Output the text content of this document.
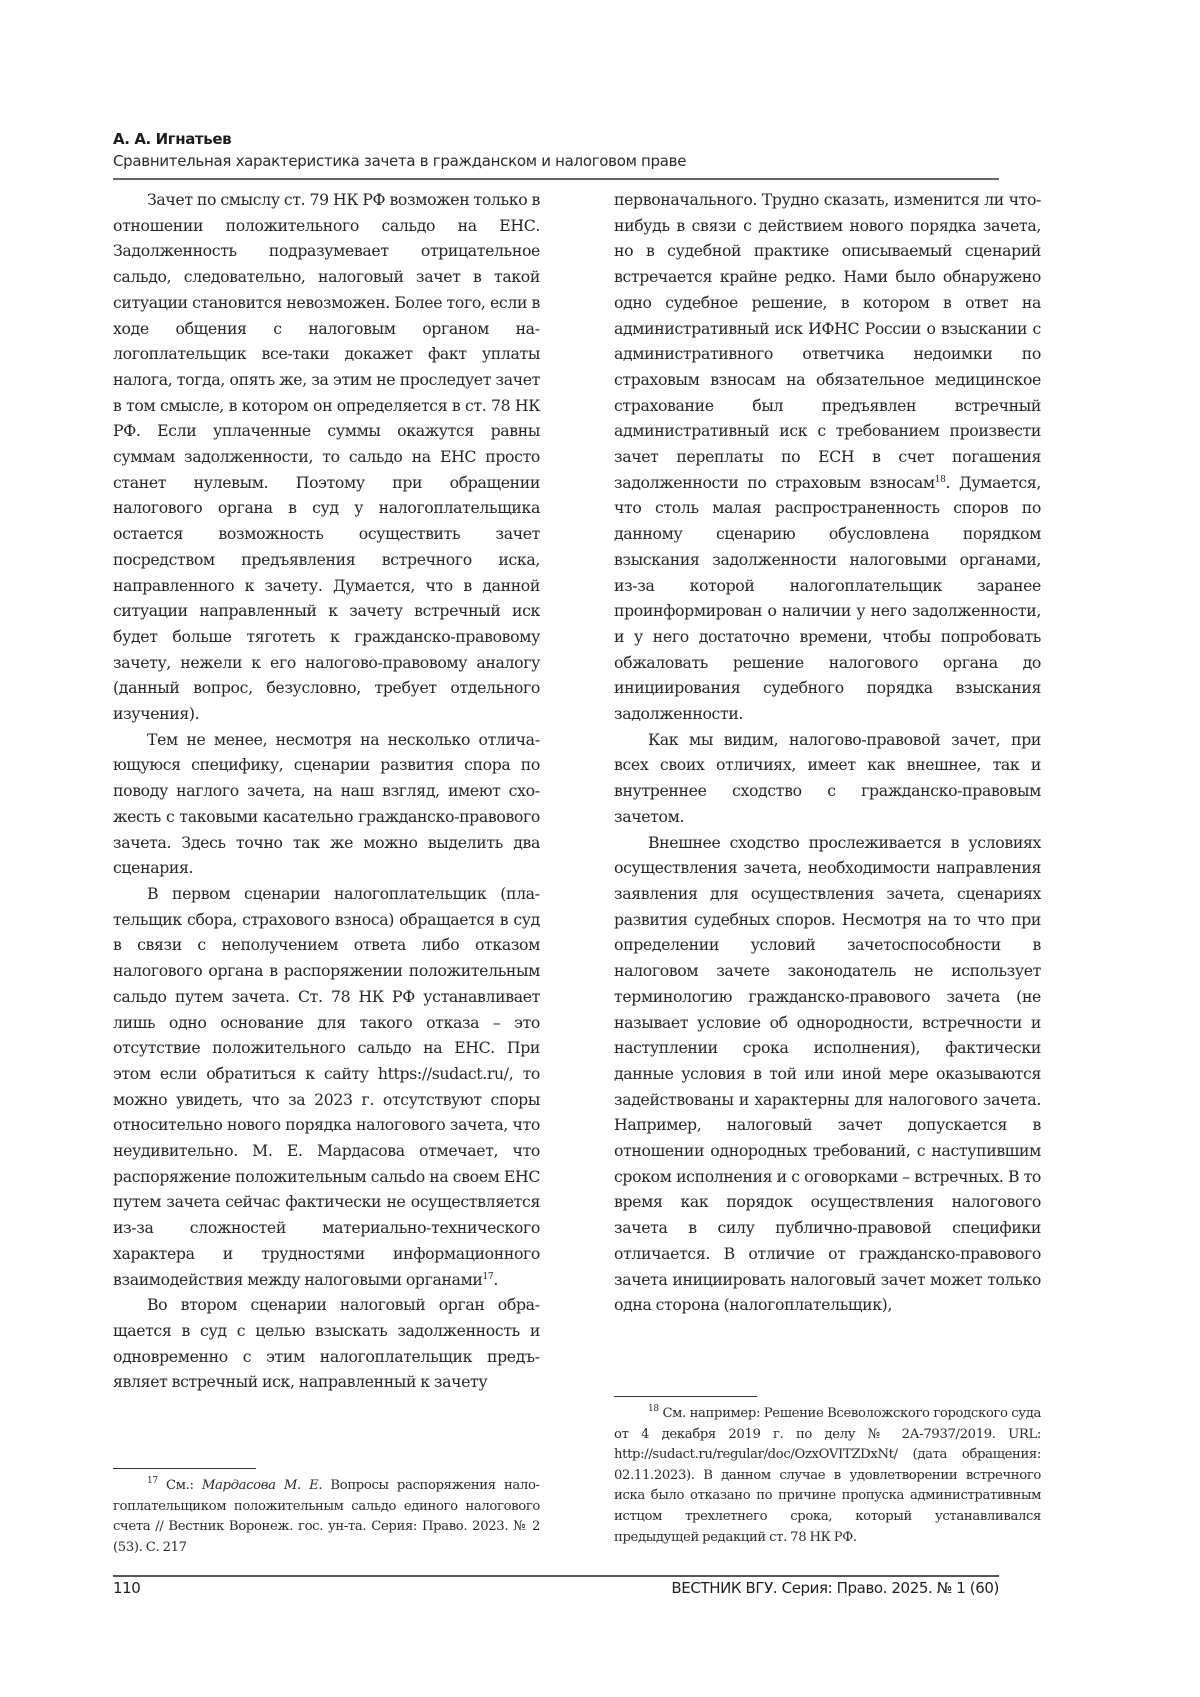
А. А. Игнатьев
Сравнительная характеристика зачета в гражданском и налоговом праве

Зачет по смыслу ст. 79 НК РФ возможен только в отношении положительного сальдо на ЕНС. Задолженность подразумевает отрицательное сальдо, следовательно, налоговый зачет в такой ситуации становится невозможен. Более того, если в ходе общения с налоговым органом налогоплательщик все-таки докажет факт уплаты налога, тогда, опять же, за этим не проследует зачет в том смысле, в котором он определяется в ст. 78 НК РФ. Если уплаченные суммы окажутся равны суммам задолженности, то сальдо на ЕНС просто станет нулевым. Поэтому при обращении налогового органа в суд у налогоплательщика остается возможность осуществить зачет посредством предъявления встречного иска, направленного к зачету. Думается, что в данной ситуации направленный к зачету встречный иск будет больше тяготеть к гражданско-правовому зачету, нежели к его налогово-правовому аналогу (данный вопрос, безусловно, требует отдельного изучения).

Тем не менее, несмотря на несколько отличающуюся специфику, сценарии развития спора по поводу наглого зачета, на наш взгляд, имеют схожесть с таковыми касательно гражданско-правового зачета. Здесь точно так же можно выделить два сценария.

В первом сценарии налогоплательщик (плательщик сбора, страхового взноса) обращается в суд в связи с неполучением ответа либо отказом налогового органа в распоряжении положительным сальдо путем зачета. Ст. 78 НК РФ устанавливает лишь одно основание для такого отказа – это отсутствие положительного сальдо на ЕНС. При этом если обратиться к сайту https://sudact.ru/, то можно увидеть, что за 2023 г. отсутствуют споры относительно нового порядка налогового зачета, что неудивительно. М. Е. Мардасова отмечает, что распоряжение положительным сальdo на своем ЕНС путем зачета сейчас фактически не осуществляется из-за сложностей материально-технического характера и трудностями информационного взаимодействия между налоговыми органами$^{17}$.

Во втором сценарии налоговый орган обращается в суд с целью взыскать задолженность и одновременно с этим налогоплательщик предъявляет встречный иск, направленный к зачету

первоначального. Трудно сказать, изменится ли что-нибудь в связи с действием нового порядка зачета, но в судебной практике описываемый сценарий встречается крайне редко. Нами было обнаружено одно судебное решение, в котором в ответ на административный иск ИФНС России о взыскании с административного ответчика недоимки по страховым взносам на обязательное медицинское страхование был предъявлен встречный административный иск с требованием произвести зачет переплаты по ЕСН в счет погашения задолженности по страховым взносам$^{18}$. Думается, что столь малая распространенность споров по данному сценарию обусловлена порядком взыскания задолженности налоговыми органами, из-за которой налогоплательщик заранее проинформирован о наличии у него задолженности, и у него достаточно времени, чтобы попробовать обжаловать решение налогового органа до инициирования судебного порядка взыскания задолженности.

Как мы видим, налогово-правовой зачет, при всех своих отличиях, имеет как внешнее, так и внутреннее сходство с гражданско-правовым зачетом.

Внешнее сходство прослеживается в условиях осуществления зачета, необходимости направления заявления для осуществления зачета, сценариях развития судебных споров. Несмотря на то что при определении условий зачетоспособности в налоговом зачете законодатель не использует терминологию гражданско-правового зачета (не называет условие об однородности, встречности и наступлении срока исполнения), фактически данные условия в той или иной мере оказываются задействованы и характерны для налогового зачета. Например, налоговый зачет допускается в отношении однородных требований, с наступившим сроком исполнения и с оговорками – встречных. В то время как порядок осуществления налогового зачета в силу публично-правовой специфики отличается. В отличие от гражданско-правового зачета инициировать налоговый зачет может только одна сторона (налогоплательщик),

$^{17}$ См.: Мардасова М. Е. Вопросы распоряжения налогоплательщиком положительным сальдо единого налогового счета // Вестник Воронеж. гос. ун-та. Серия: Право. 2023. № 2 (53). С. 217

$^{18}$ См. например: Решение Всеволожского городского суда от 4 декабря 2019 г. по делу № 2А-7937/2019. URL: http://sudact.ru/regular/doc/OzxOVITZDxNt/ (дата обращения: 02.11.2023). В данном случае в удовлетворении встречного иска было отказано по причине пропуска административным истцом трехлетнего срока, который устанавливался предыдущей редакций ст. 78 НК РФ.

110	ВЕСТНИК ВГУ. Серия: Право. 2025. № 1 (60)
